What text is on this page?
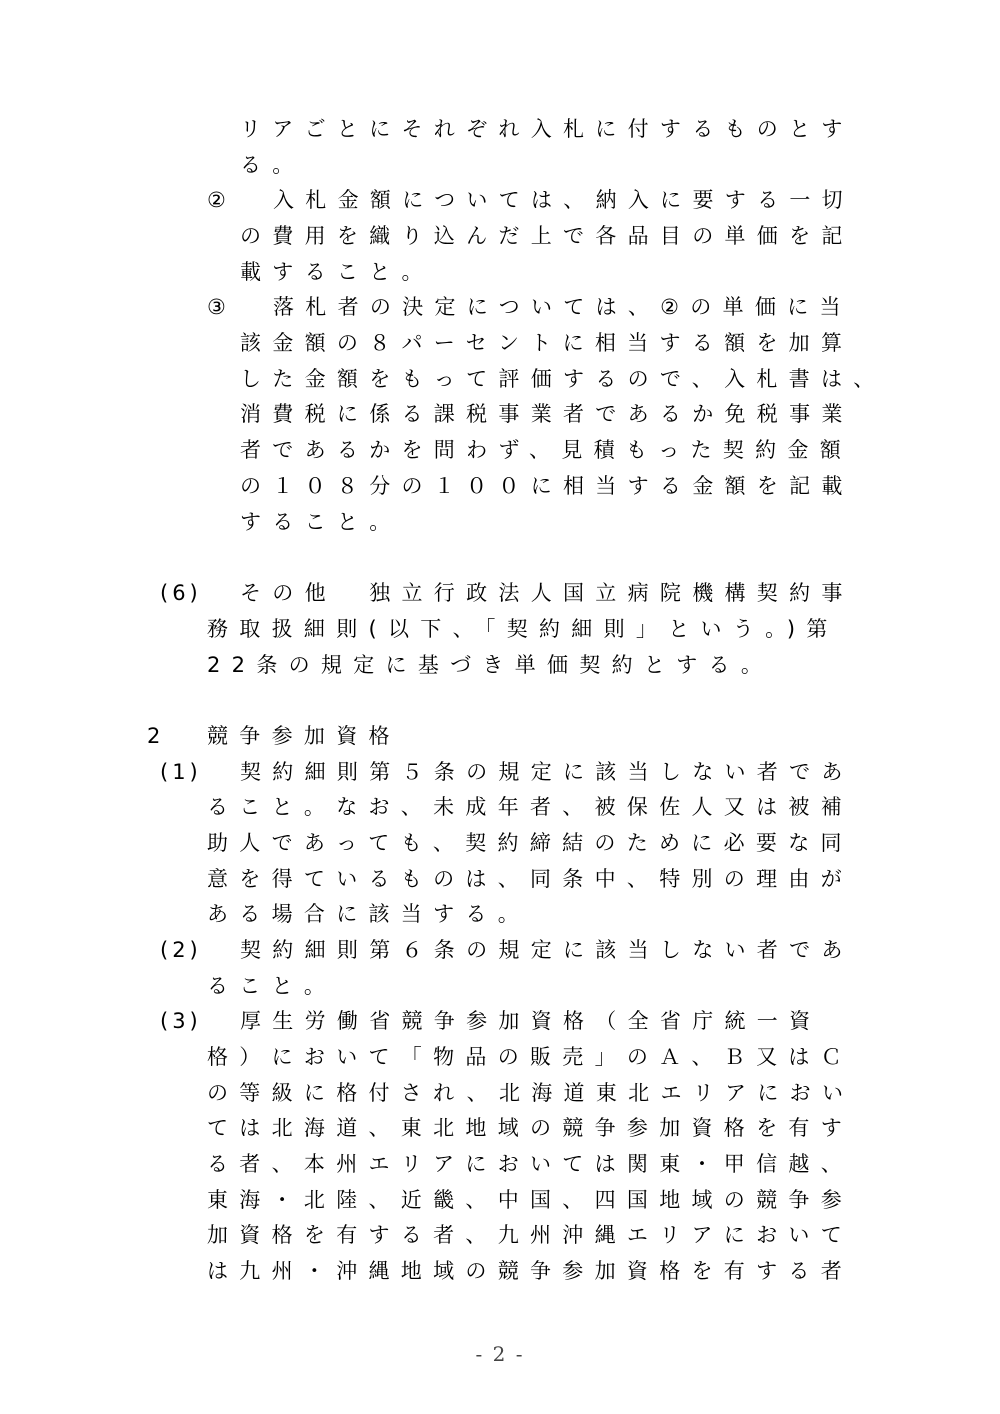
リアごとにそれぞれ入札に付するものとす
る。
② 入札金額については、納入に要する一切
の費用を織り込んだ上で各品目の単価を記
載すること。
③ 落札者の決定については、②の単価に当
該金額の８パーセントに相当する額を加算
した金額をもって評価するので、入札書は、
消費税に係る課税事業者であるか免税事業
者であるかを問わず、見積もった契約金額
の１０８分の１００に相当する金額を記載
すること。
(6) その他　独立行政法人国立病院機構契約事
務取扱細則(以下、「契約細則」という。)第
22条の規定に基づき単価契約とする。
2 競争参加資格
(1) 契約細則第５条の規定に該当しない者であ
ること。なお、未成年者、被保佐人又は被補
助人であっても、契約締結のために必要な同
意を得ているものは、同条中、特別の理由が
ある場合に該当する。
(2) 契約細則第６条の規定に該当しない者であ
ること。
(3) 厚生労働省競争参加資格（全省庁統一資
格）において「物品の販売」のＡ、Ｂ又はＣ
の等級に格付され、北海道東北エリアにおい
ては北海道、東北地域の競争参加資格を有す
る者、本州エリアにおいては関東・甲信越、
東海・北陸、近畿、中国、四国地域の競争参
加資格を有する者、九州沖縄エリアにおいて
は九州・沖縄地域の競争参加資格を有する者
- 2 -
